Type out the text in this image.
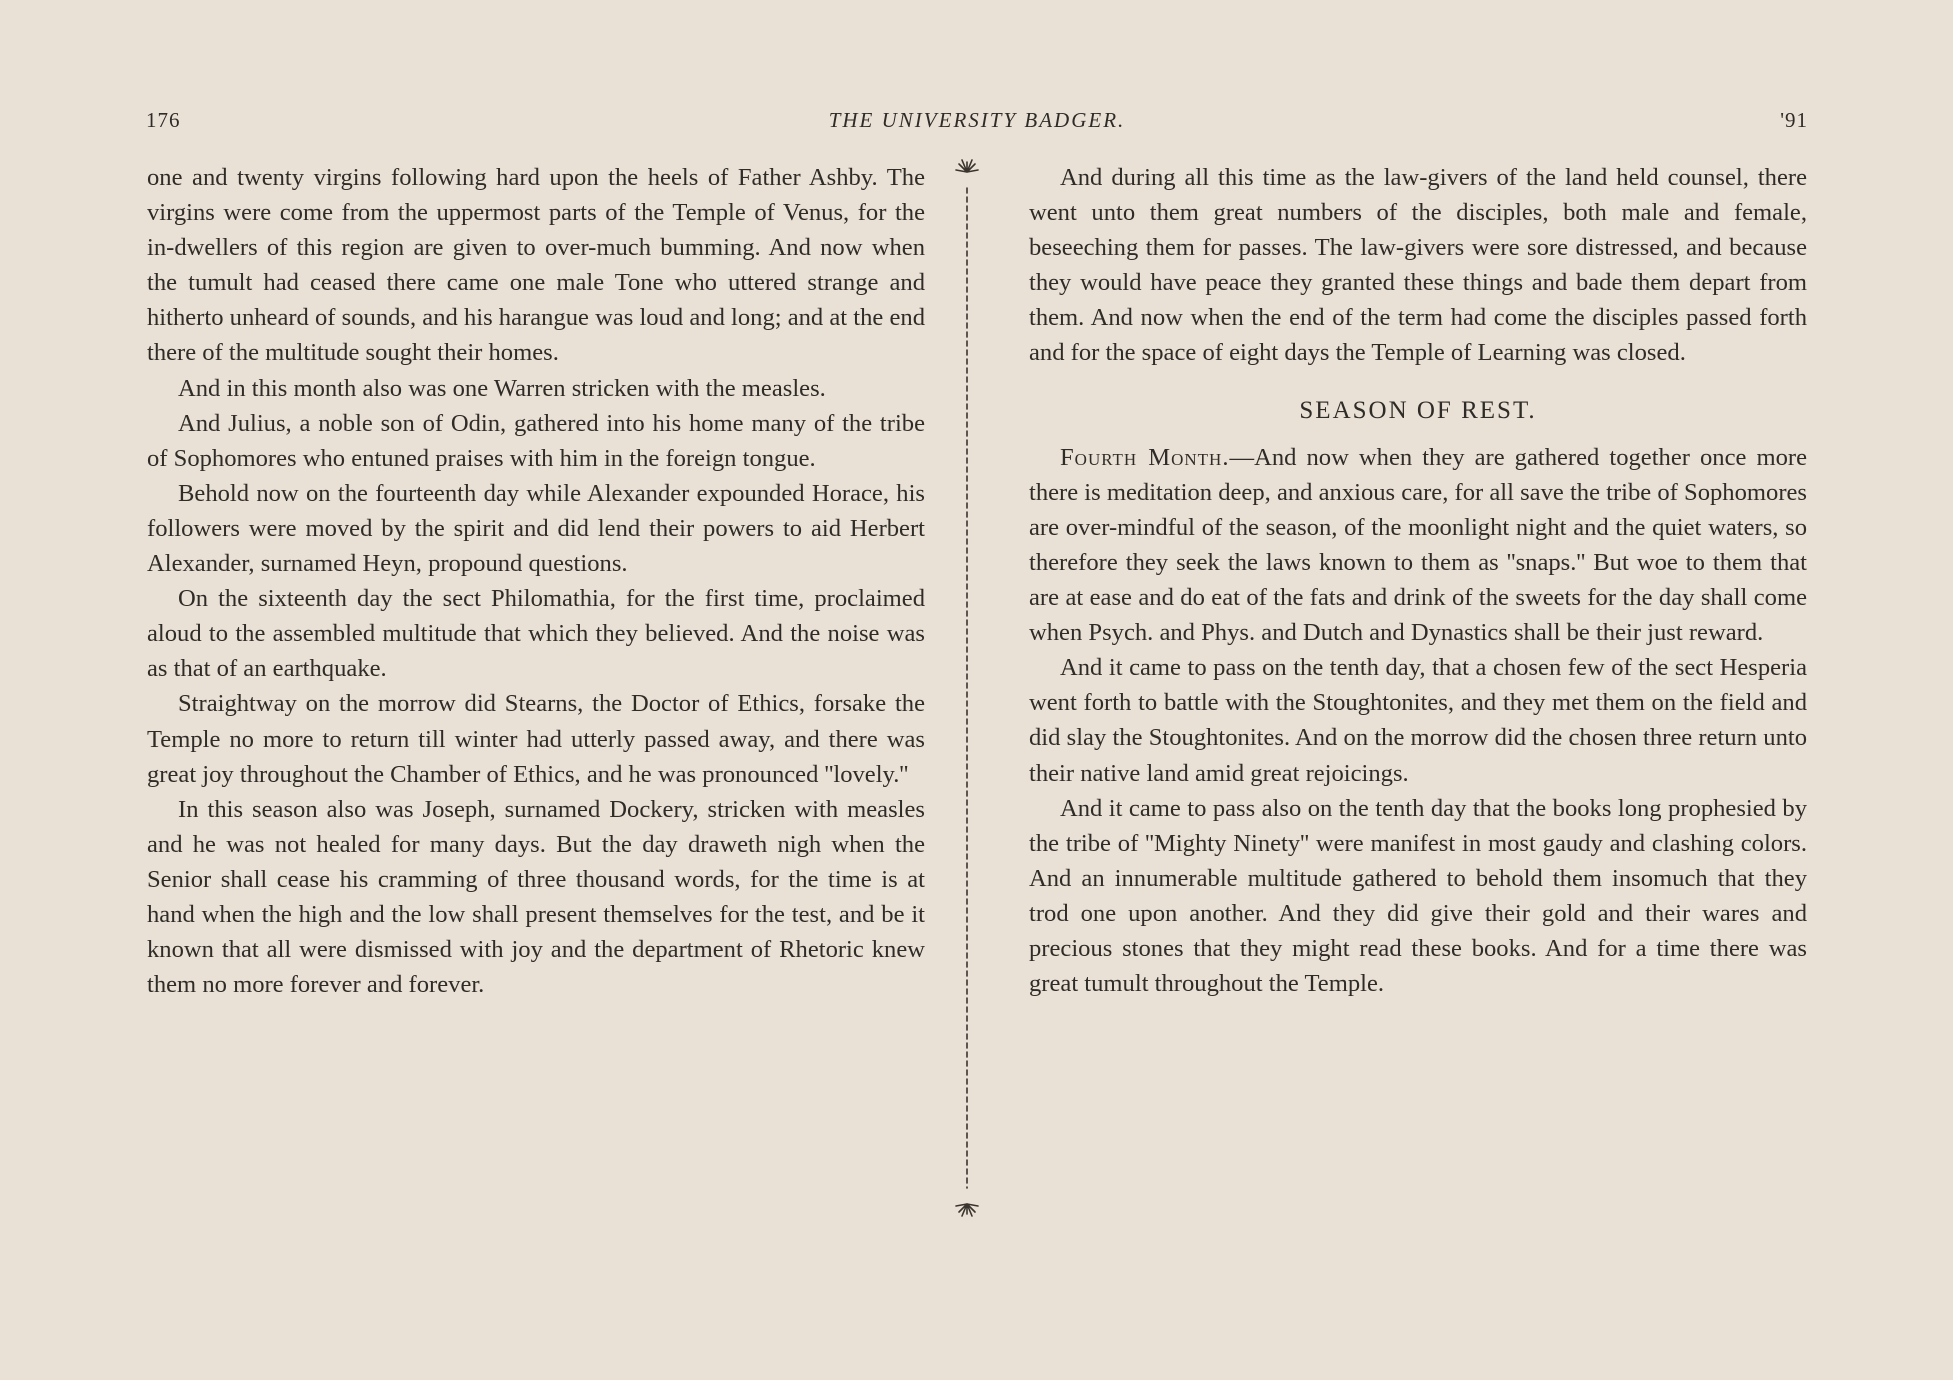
176	THE UNIVERSITY BADGER.	'91

one and twenty virgins following hard upon the heels of Father Ashby. The virgins were come from the uppermost parts of the Temple of Venus, for the in-dwellers of this region are given to over-much bumming. And now when the tumult had ceased there came one male Tone who uttered strange and hitherto unheard of sounds, and his harangue was loud and long; and at the end there of the multitude sought their homes.

And in this month also was one Warren stricken with the measles.

And Julius, a noble son of Odin, gathered into his home many of the tribe of Sophomores who entuned praises with him in the foreign tongue.

Behold now on the fourteenth day while Alexander expounded Horace, his followers were moved by the spirit and did lend their powers to aid Herbert Alexander, surnamed Heyn, propound questions.

On the sixteenth day the sect Philomathia, for the first time, proclaimed aloud to the assembled multitude that which they believed. And the noise was as that of an earthquake.

Straightway on the morrow did Stearns, the Doctor of Ethics, forsake the Temple no more to return till winter had utterly passed away, and there was great joy throughout the Chamber of Ethics, and he was pronounced ''lovely.''

In this season also was Joseph, surnamed Dockery, stricken with measles and he was not healed for many days. But the day draweth nigh when the Senior shall cease his cramming of three thousand words, for the time is at hand when the high and the low shall present themselves for the test, and be it known that all were dismissed with joy and the department of Rhetoric knew them no more forever and forever.

And during all this time as the law-givers of the land held counsel, there went unto them great numbers of the disciples, both male and female, beseeching them for passes. The law-givers were sore distressed, and because they would have peace they granted these things and bade them depart from them. And now when the end of the term had come the disciples passed forth and for the space of eight days the Temple of Learning was closed.

SEASON OF REST.

Fourth Month.—And now when they are gathered together once more there is meditation deep, and anxious care, for all save the tribe of Sophomores are over-mindful of the season, of the moonlight night and the quiet waters, so therefore they seek the laws known to them as ''snaps.'' But woe to them that are at ease and do eat of the fats and drink of the sweets for the day shall come when Psych. and Phys. and Dutch and Dynastics shall be their just reward.

And it came to pass on the tenth day, that a chosen few of the sect Hesperia went forth to battle with the Stoughtonites, and they met them on the field and did slay the Stoughtonites. And on the morrow did the chosen three return unto their native land amid great rejoicings.

And it came to pass also on the tenth day that the books long prophesied by the tribe of ''Mighty Ninety'' were manifest in most gaudy and clashing colors. And an innumerable multitude gathered to behold them insomuch that they trod one upon another. And they did give their gold and their wares and precious stones that they might read these books. And for a time there was great tumult throughout the Temple.
